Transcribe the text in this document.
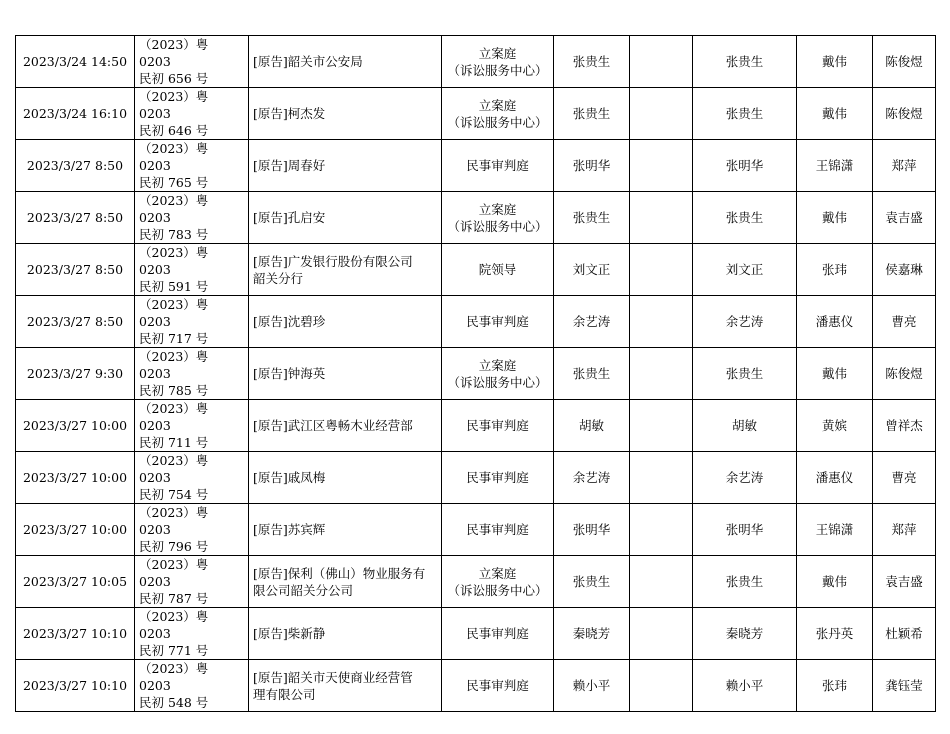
2023/3/24 14:50	（2023）粤 0203
民初 656 号	[原告]韶关市公安局	立案庭
（诉讼服务中心）	张贵生		张贵生	戴伟	陈俊煜

2023/3/24 16:10	（2023）粤 0203
民初 646 号	[原告]柯杰发	立案庭
（诉讼服务中心）	张贵生		张贵生	戴伟	陈俊煜

2023/3/27 8:50	（2023）粤 0203
民初 765 号	[原告]周春好	民事审判庭	张明华		张明华	王锦潇	郑萍

2023/3/27 8:50	（2023）粤 0203
民初 783 号	[原告]孔启安	立案庭
（诉讼服务中心）	张贵生		张贵生	戴伟	袁吉盛

2023/3/27 8:50	（2023）粤 0203
民初 591 号	[原告]广发银行股份有限公司
韶关分行	院领导	刘文正		刘文正	张玮	侯嘉琳

2023/3/27 8:50	（2023）粤 0203
民初 717 号	[原告]沈碧珍	民事审判庭	余艺涛		余艺涛	潘惠仪	曹亮

2023/3/27 9:30	（2023）粤 0203
民初 785 号	[原告]钟海英	立案庭
（诉讼服务中心）	张贵生		张贵生	戴伟	陈俊煜

2023/3/27 10:00	（2023）粤 0203
民初 711 号	[原告]武江区粤畅木业经营部	民事审判庭	胡敏		胡敏	黄嫔	曾祥杰

2023/3/27 10:00	（2023）粤 0203
民初 754 号	[原告]戚凤梅	民事审判庭	余艺涛		余艺涛	潘惠仪	曹亮

2023/3/27 10:00	（2023）粤 0203
民初 796 号	[原告]苏宾辉	民事审判庭	张明华		张明华	王锦潇	郑萍

2023/3/27 10:05	（2023）粤 0203
民初 787 号	[原告]保利（佛山）物业服务有
限公司韶关分公司	立案庭
（诉讼服务中心）	张贵生		张贵生	戴伟	袁吉盛

2023/3/27 10:10	（2023）粤 0203
民初 771 号	[原告]柴新静	民事审判庭	秦晓芳		秦晓芳	张丹英	杜颖希

2023/3/27 10:10	（2023）粤 0203
民初 548 号	[原告]韶关市天使商业经营管
理有限公司	民事审判庭	赖小平		赖小平	张玮	龚钰莹
